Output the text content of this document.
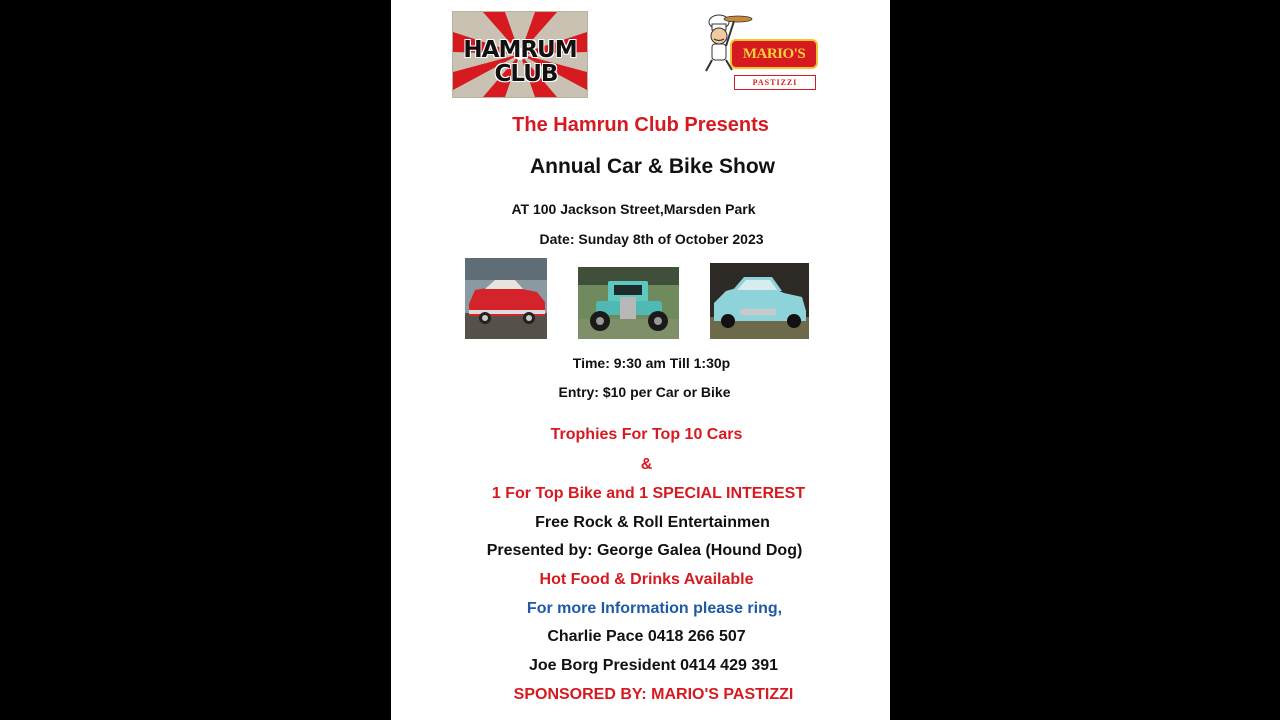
HAMRUM
CLUB
MARIO'S
PASTIZZI
The Hamrun Club Presents
Annual Car & Bike Show
AT 100 Jackson Street,Marsden Park
Date: Sunday 8th of October 2023
Time: 9:30 am Till 1:30p
Entry: $10 per Car or Bike
Trophies For Top 10 Cars
&
1 For Top Bike and 1 SPECIAL INTEREST
Free Rock & Roll Entertainmen
Presented by: George Galea (Hound Dog)
Hot Food & Drinks Available
For more Information please ring,
Charlie Pace 0418 266 507
Joe Borg President 0414 429 391
SPONSORED BY: MARIO'S PASTIZZI
